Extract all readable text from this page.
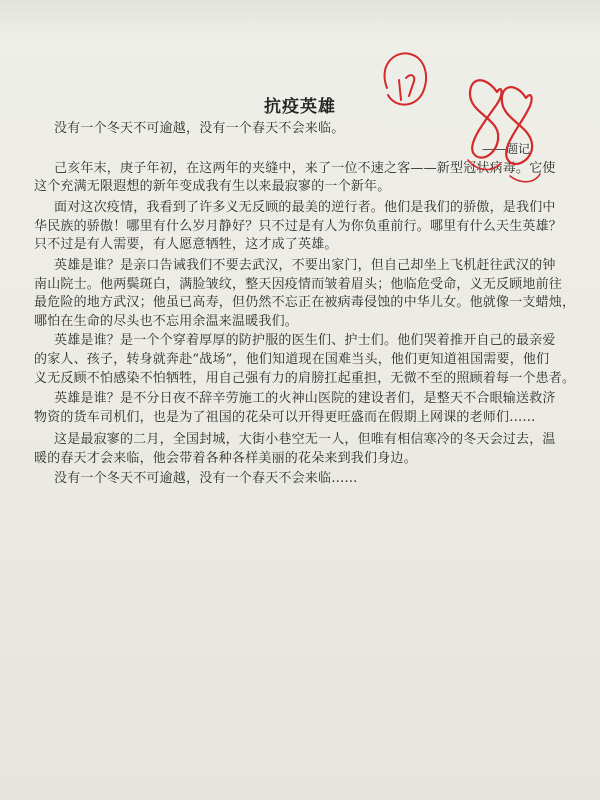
抗疫英雄
没有一个冬天不可逾越，没有一个春天不会来临。
——题记
己亥年末，庚子年初，在这两年的夹缝中，来了一位不速之客——新型冠状病毒。它使
这个充满无限遐想的新年变成我有生以来最寂寥的一个新年。
面对这次疫情，我看到了许多义无反顾的最美的逆行者。他们是我们的骄傲，是我们中
华民族的骄傲！哪里有什么岁月静好？只不过是有人为你负重前行。哪里有什么天生英雄？
只不过是有人需要，有人愿意牺牲，这才成了英雄。
英雄是谁？是亲口告诫我们不要去武汉，不要出家门，但自己却坐上飞机赶往武汉的钟
南山院士。他两鬓斑白，满脸皱纹，整天因疫情而皱着眉头；他临危受命，义无反顾地前往
最危险的地方武汉；他虽已高寿，但仍然不忘正在被病毒侵蚀的中华儿女。他就像一支蜡烛，
哪怕在生命的尽头也不忘用余温来温暖我们。
英雄是谁？是一个个穿着厚厚的防护服的医生们、护士们。他们哭着推开自己的最亲爱
的家人、孩子，转身就奔赴“战场”，他们知道现在国难当头，他们更知道祖国需要，他们
义无反顾不怕感染不怕牺牲，用自己强有力的肩膀扛起重担，无微不至的照顾着每一个患者。
英雄是谁？是不分日夜不辞辛劳施工的火神山医院的建设者们，是整天不合眼输送救济
物资的货车司机们，也是为了祖国的花朵可以开得更旺盛而在假期上网课的老师们……
这是最寂寥的二月，全国封城，大街小巷空无一人，但唯有相信寒冷的冬天会过去，温
暖的春天才会来临，他会带着各种各样美丽的花朵来到我们身边。
没有一个冬天不可逾越，没有一个春天不会来临……
